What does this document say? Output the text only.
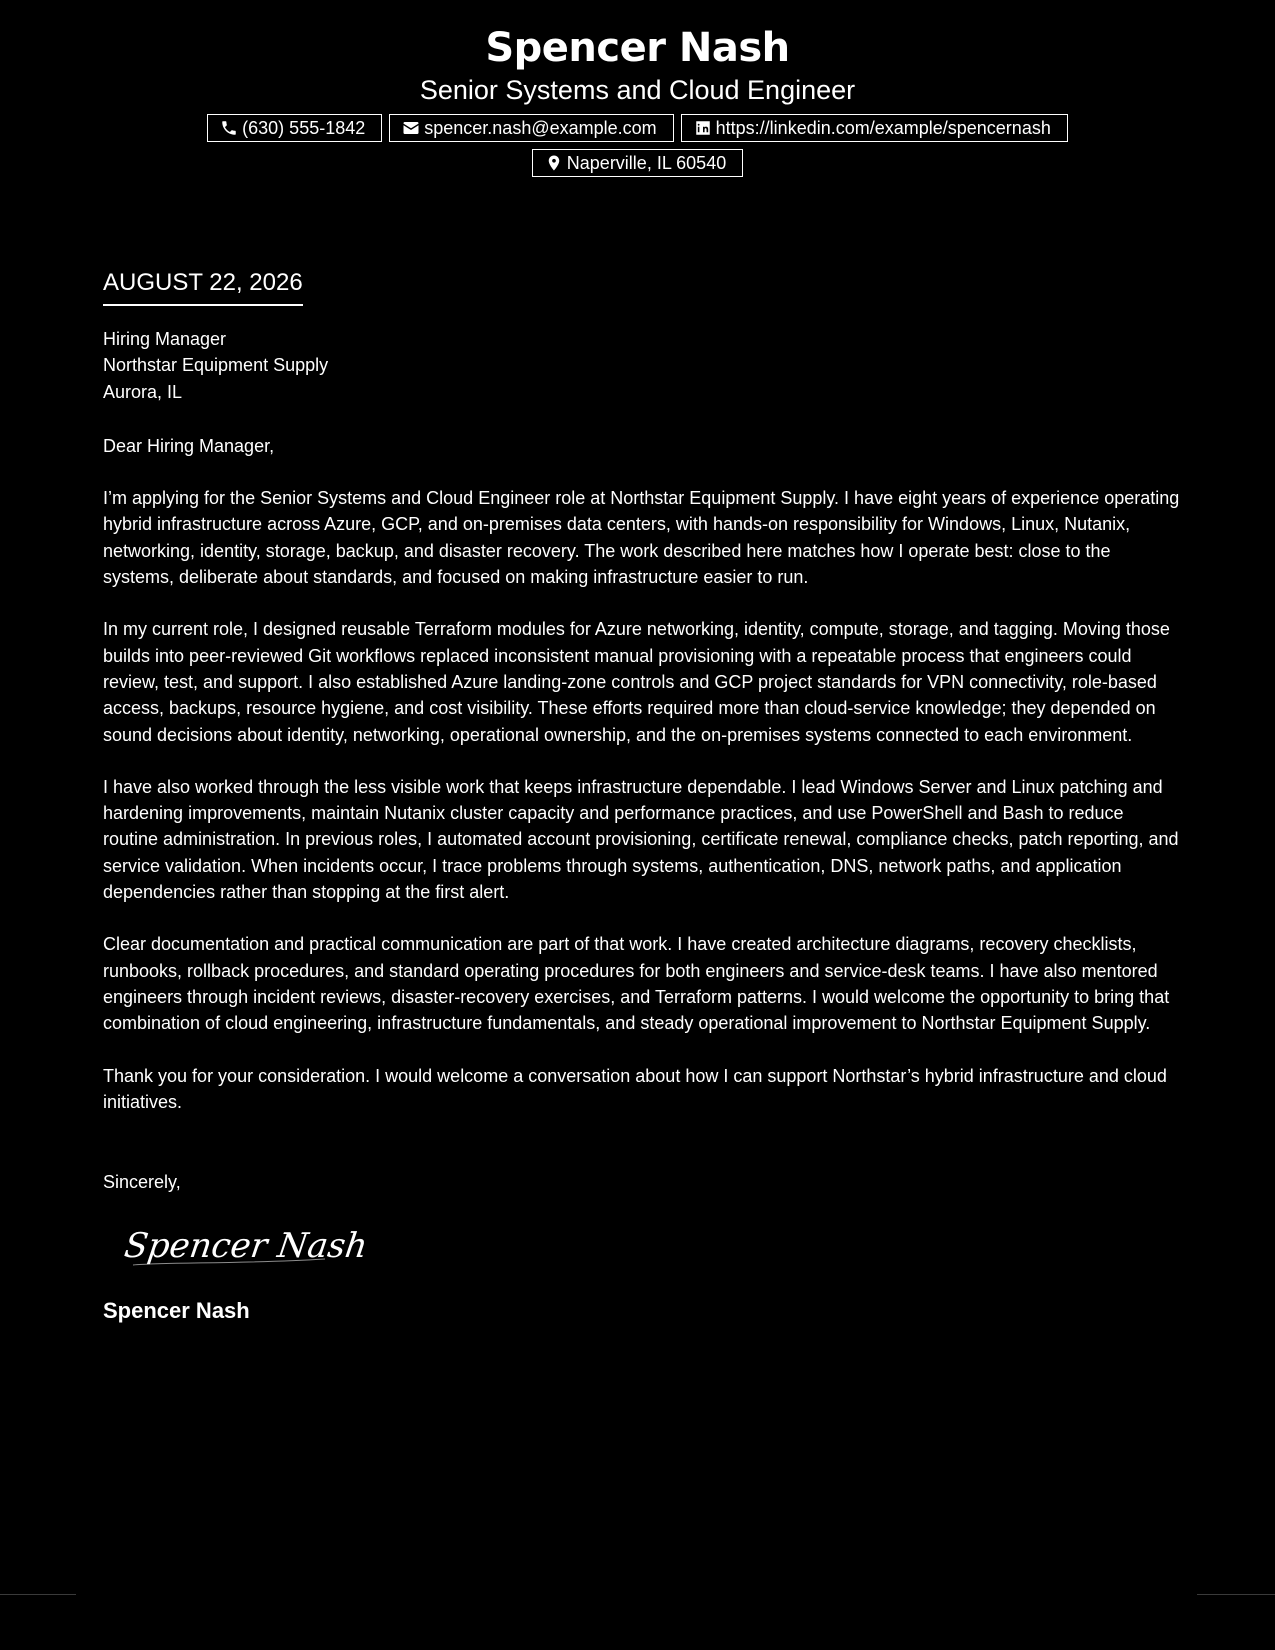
Spencer Nash
Senior Systems and Cloud Engineer
(630) 555-1842	spencer.nash@example.com	https://linkedin.com/example/spencernash
Naperville, IL 60540
AUGUST 22, 2026
Hiring Manager
Northstar Equipment Supply
Aurora, IL
Dear Hiring Manager,
I’m applying for the Senior Systems and Cloud Engineer role at Northstar Equipment Supply. I have eight years of experience operating hybrid infrastructure across Azure, GCP, and on-premises data centers, with hands-on responsibility for Windows, Linux, Nutanix, networking, identity, storage, backup, and disaster recovery. The work described here matches how I operate best: close to the systems, deliberate about standards, and focused on making infrastructure easier to run.
In my current role, I designed reusable Terraform modules for Azure networking, identity, compute, storage, and tagging. Moving those builds into peer-reviewed Git workflows replaced inconsistent manual provisioning with a repeatable process that engineers could review, test, and support. I also established Azure landing-zone controls and GCP project standards for VPN connectivity, role-based access, backups, resource hygiene, and cost visibility. These efforts required more than cloud-service knowledge; they depended on sound decisions about identity, networking, operational ownership, and the on-premises systems connected to each environment.
I have also worked through the less visible work that keeps infrastructure dependable. I lead Windows Server and Linux patching and hardening improvements, maintain Nutanix cluster capacity and performance practices, and use PowerShell and Bash to reduce routine administration. In previous roles, I automated account provisioning, certificate renewal, compliance checks, patch reporting, and service validation. When incidents occur, I trace problems through systems, authentication, DNS, network paths, and application dependencies rather than stopping at the first alert.
Clear documentation and practical communication are part of that work. I have created architecture diagrams, recovery checklists, runbooks, rollback procedures, and standard operating procedures for both engineers and service-desk teams. I have also mentored engineers through incident reviews, disaster-recovery exercises, and Terraform patterns. I would welcome the opportunity to bring that combination of cloud engineering, infrastructure fundamentals, and steady operational improvement to Northstar Equipment Supply.
Thank you for your consideration. I would welcome a conversation about how I can support Northstar’s hybrid infrastructure and cloud initiatives.
Sincerely,
Spencer Nash
Spencer Nash
